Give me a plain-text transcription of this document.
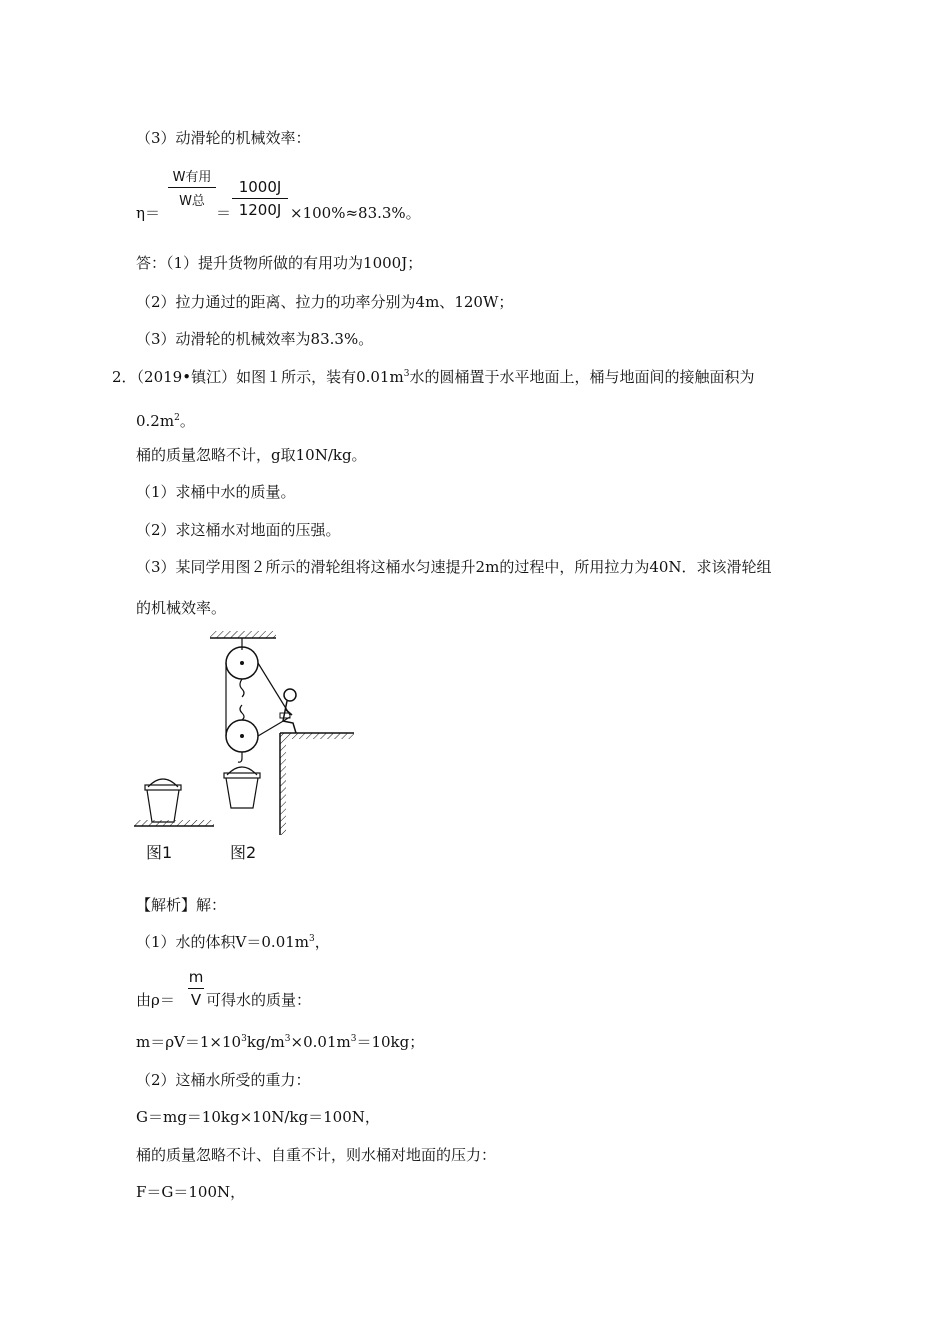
（3）动滑轮的机械效率：
η＝
W有用
W总
＝
1000J
1200J ×100%≈83.3%。
答：（1）提升货物所做的有用功为1000J；
（2）拉力通过的距离、拉力的功率分别为4m、120W；
（3）动滑轮的机械效率为83.3%。
2．（2019•镇江）如图１所示，装有$0.01m^3$水的圆桶置于水平地面上，桶与地面间的接触面积为
$0.2m^2$。
桶的质量忽略不计，g取10N/kg。
（1）求桶中水的质量。
（2）求这桶水对地面的压强。
（3）某同学用图２所示的滑轮组将这桶水匀速提升2m的过程中，所用拉力为40N．求该滑轮组
的机械效率。
图1	图2
【解析】解：
（1）水的体积$V=0.01m^3$，
由ρ＝
m
V 可得水的质量：
$m=\rho V=1\times 10^3kg/m^3\times 0.01m^3=10kg$；
（2）这桶水所受的重力：
G＝mg＝10kg×10N/kg＝100N，
桶的质量忽略不计、自重不计，则水桶对地面的压力：
F＝G＝100N，
